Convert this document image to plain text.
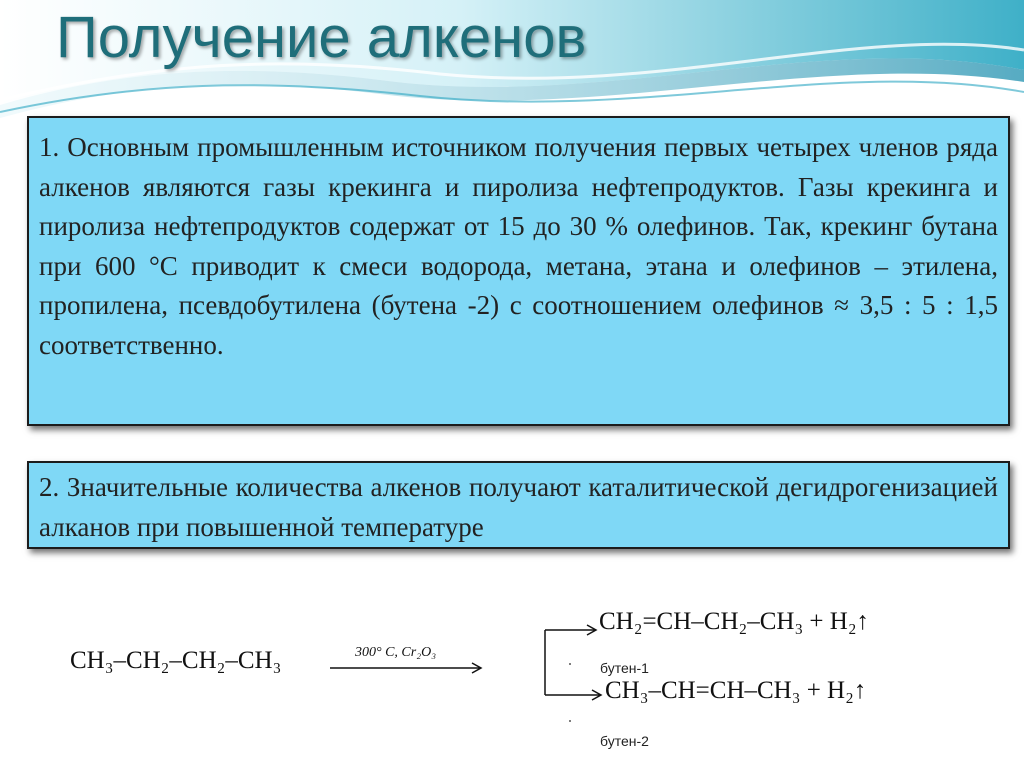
Получение алкенов

1. Основным промышленным источником получения первых четырех членов ряда алкенов являются газы крекинга и пиролиза нефтепродуктов. Газы крекинга и пиролиза нефтепродуктов содержат от 15 до 30 % олефинов. Так, крекинг бутана при 600 °С приводит к смеси водорода, метана, этана и олефинов – этилена, пропилена, псевдобутилена (бутена -2) с соотношением олефинов ≈ 3,5 : 5 : 1,5 соответственно.

2. Значительные количества алкенов получают каталитической дегидрогенизацией алканов при повышенной температуре

CH₃–CH₂–CH₂–CH₃	300° C, Cr₂O₃
CH₂=CH–CH₂–CH₃ + H₂↑
бутен-1
CH₃–CH=CH–CH₃ + H₂↑
бутен-2
